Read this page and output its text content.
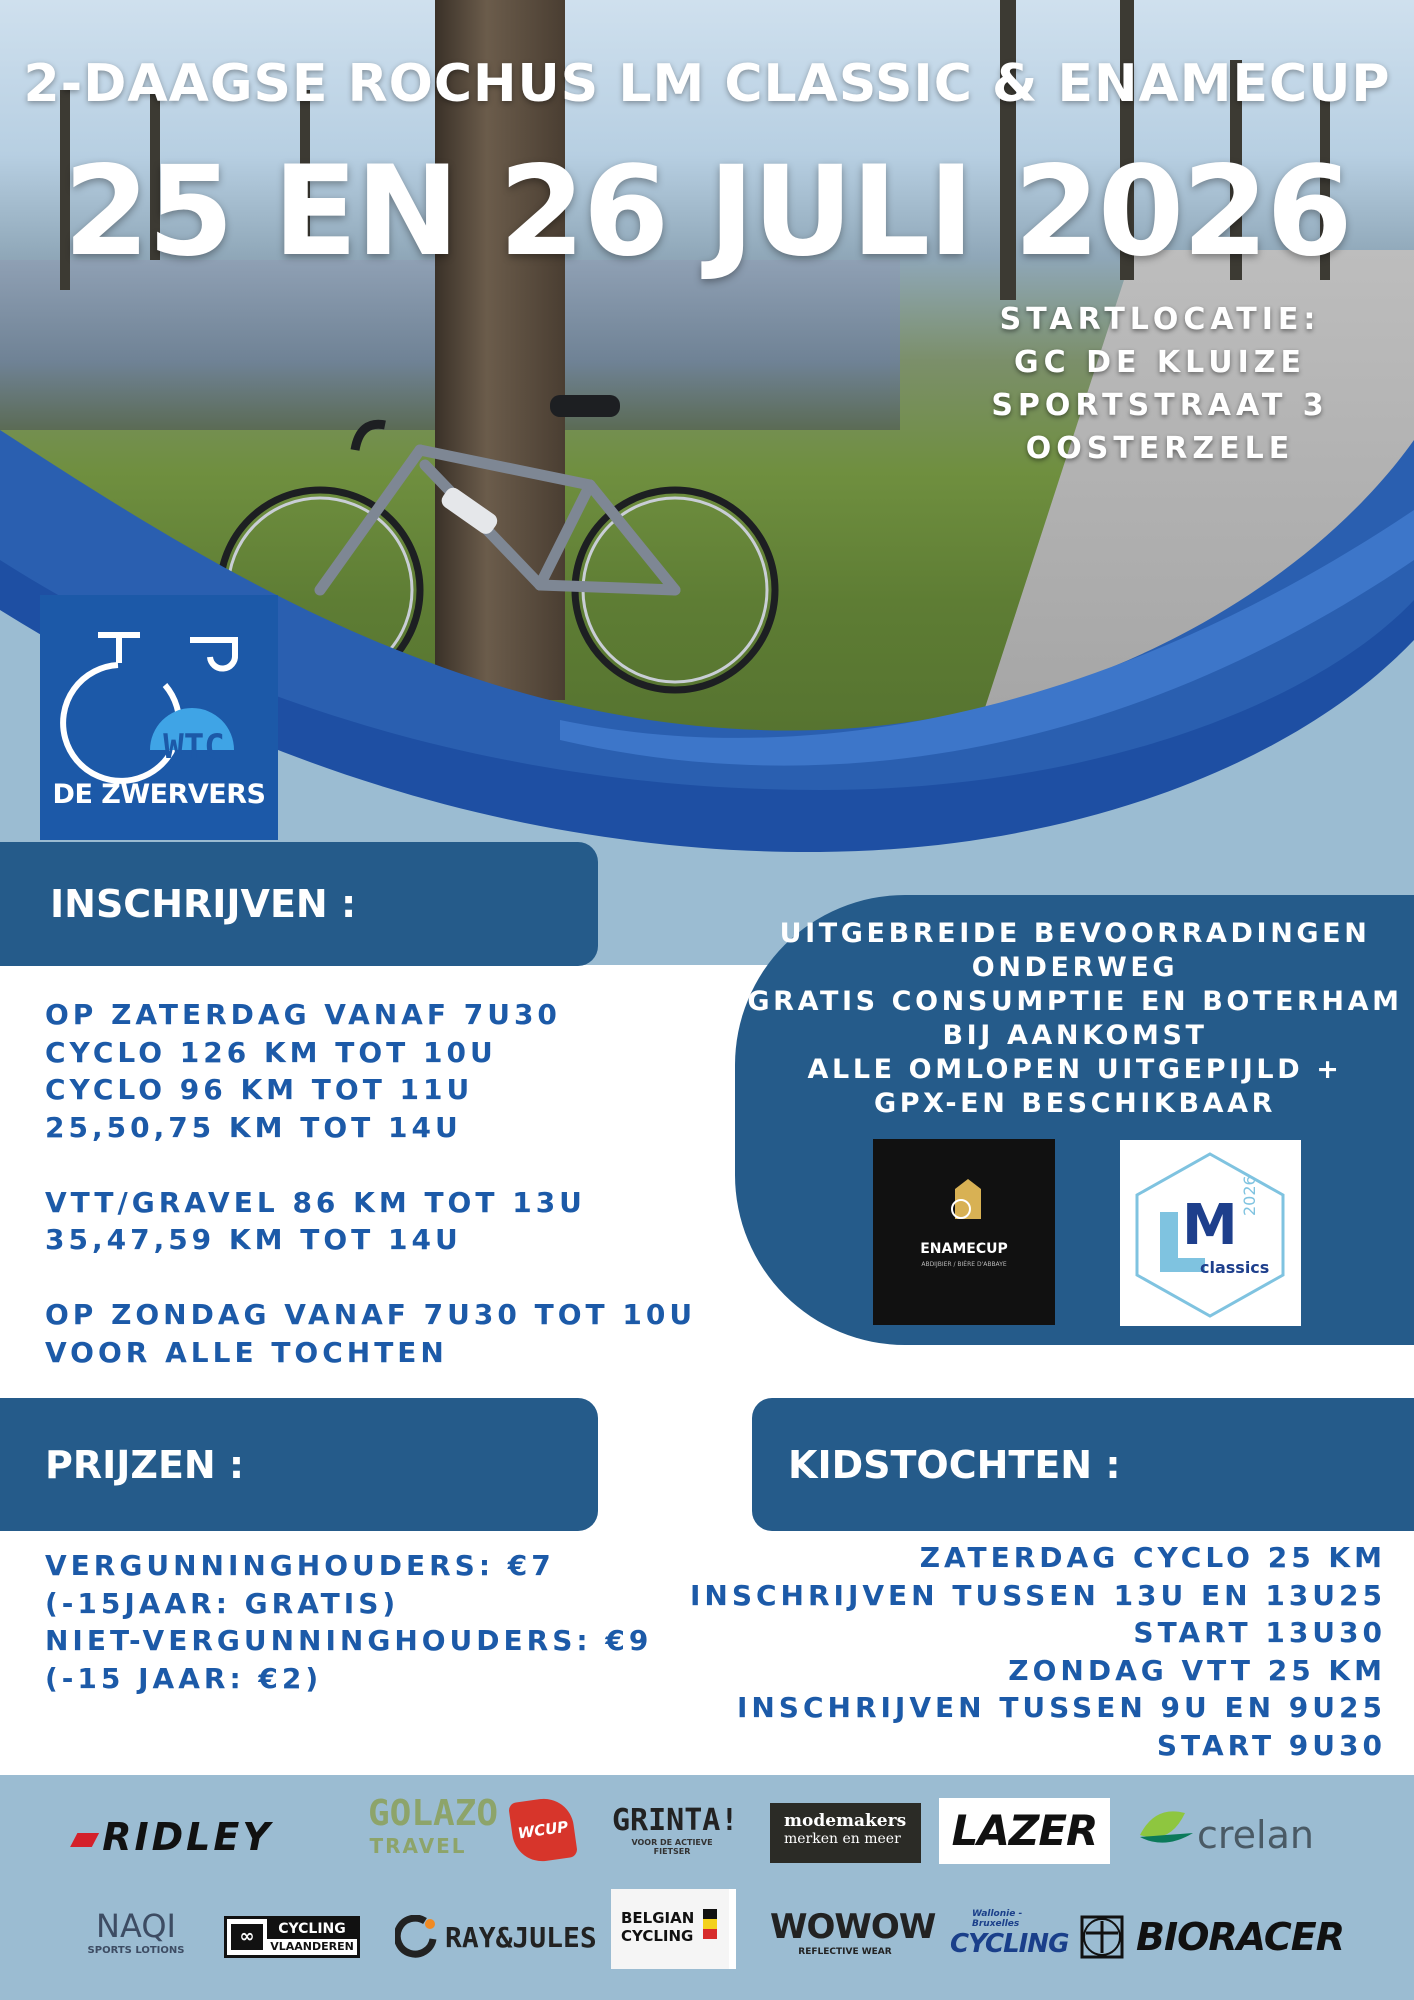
2-DAAGSE ROCHUS LM CLASSIC & ENAMECUP
25 EN 26 JULI 2026
STARTLOCATIE:
GC DE KLUIZE
SPORTSTRAAT 3
OOSTERZELE
WTC
DE ZWERVERS
INSCHRIJVEN :
OP ZATERDAG VANAF 7U30
CYCLO 126 KM TOT 10U
CYCLO 96 KM TOT 11U
25,50,75 KM TOT 14U
VTT/GRAVEL 86 KM TOT 13U
35,47,59 KM TOT 14U
OP ZONDAG VANAF 7U30 TOT 10U
VOOR ALLE TOCHTEN
UITGEBREIDE BEVOORRADINGEN
ONDERWEG
GRATIS CONSUMPTIE EN BOTERHAM
BIJ AANKOMST
ALLE OMLOPEN UITGEPIJLD +
GPX-EN BESCHIKBAAR
ENAMECUP
ABDIJBIER / BIÈRE D'ABBAYE
M 2026
classics
PRIJZEN :
VERGUNNINGHOUDERS: €7
(-15JAAR: GRATIS)
NIET-VERGUNNINGHOUDERS: €9
(-15 JAAR: €2)
KIDSTOCHTEN :
ZATERDAG CYCLO 25 KM
INSCHRIJVEN TUSSEN 13U EN 13U25
START 13U30
ZONDAG VTT 25 KM
INSCHRIJVEN TUSSEN 9U EN 9U25
START 9U30
▰RIDLEY
GOLAZO
TRAVEL
WCUP GRINTA!
VOOR DE ACTIEVE FIETSER
modemakers
merken en meer	LAZER	crelan
NAQI
SPORTS LOTIONS
∞	CYCLING
VLAANDEREN	RAY&JULES
BELGIAN
CYCLING WOWOW
REFLECTIVE WEAR
Wallonie - Bruxelles
CYCLING BIORACER
